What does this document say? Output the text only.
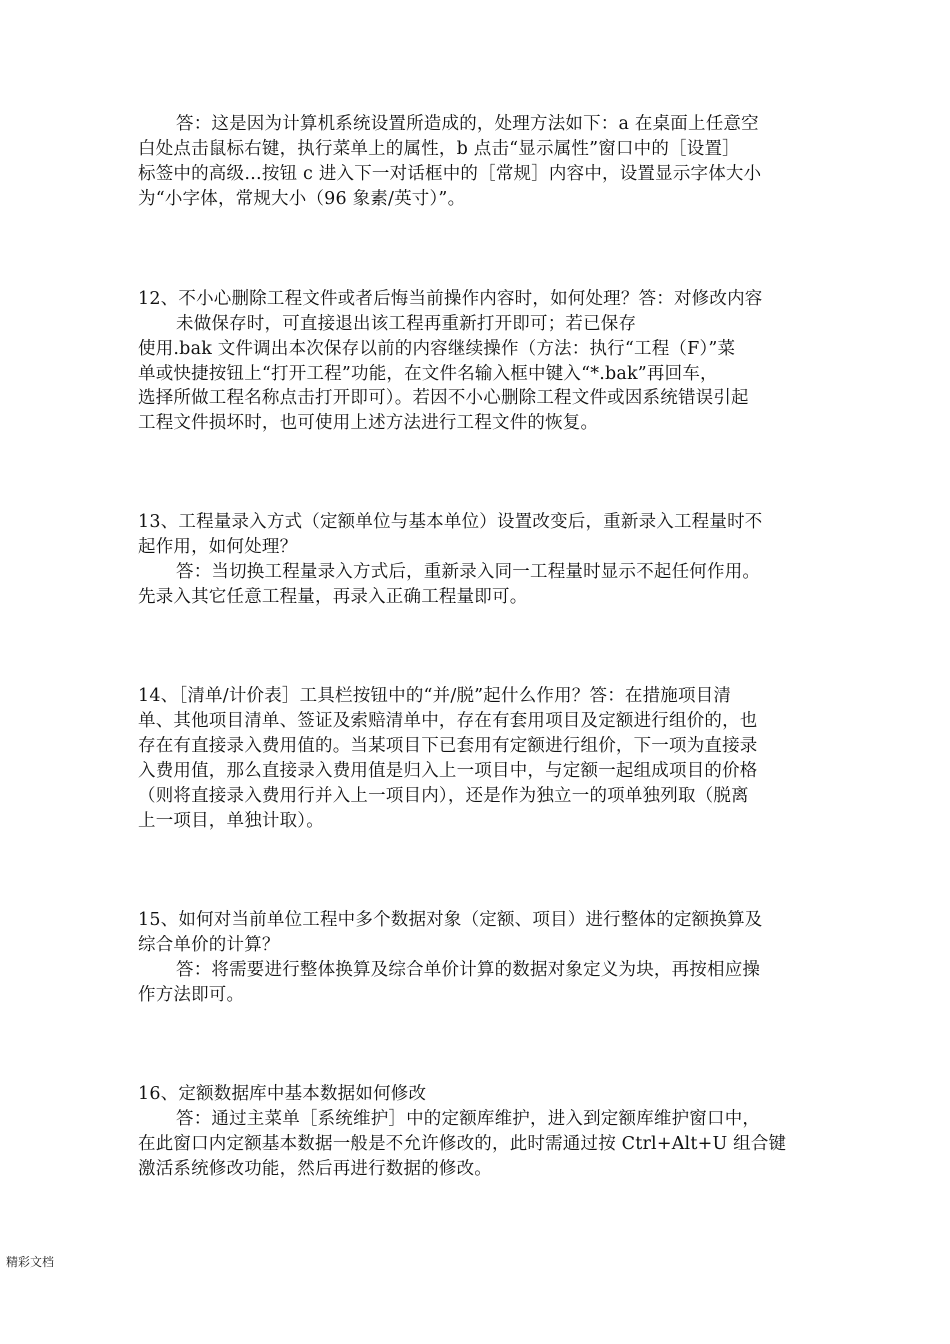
答：这是因为计算机系统设置所造成的，处理方法如下：a 在桌面上任意空
白处点击鼠标右键，执行菜单上的属性，b 点击“显示属性”窗口中的［设置］
标签中的高级…按钮 c 进入下一对话框中的［常规］内容中，设置显示字体大小
为“小字体，常规大小（96 象素/英寸）”。
12、不小心删除工程文件或者后悔当前操作内容时，如何处理？答：对修改内容
未做保存时，可直接退出该工程再重新打开即可；若已保存
使用.bak 文件调出本次保存以前的内容继续操作（方法：执行“工程（F）”菜
单或快捷按钮上“打开工程”功能，在文件名输入框中键入“*.bak”再回车，
选择所做工程名称点击打开即可）。若因不小心删除工程文件或因系统错误引起
工程文件损坏时，也可使用上述方法进行工程文件的恢复。
13、工程量录入方式（定额单位与基本单位）设置改变后，重新录入工程量时不
起作用，如何处理？
答：当切换工程量录入方式后，重新录入同一工程量时显示不起任何作用。
先录入其它任意工程量，再录入正确工程量即可。
14、［清单/计价表］工具栏按钮中的“并/脱”起什么作用？答：在措施项目清
单、其他项目清单、签证及索赔清单中，存在有套用项目及定额进行组价的，也
存在有直接录入费用值的。当某项目下已套用有定额进行组价，下一项为直接录
入费用值，那么直接录入费用值是归入上一项目中，与定额一起组成项目的价格
（则将直接录入费用行并入上一项目内），还是作为独立一的项单独列取（脱离
上一项目，单独计取）。
15、如何对当前单位工程中多个数据对象（定额、项目）进行整体的定额换算及
综合单价的计算？
答：将需要进行整体换算及综合单价计算的数据对象定义为块，再按相应操
作方法即可。
16、定额数据库中基本数据如何修改
答：通过主菜单［系统维护］中的定额库维护，进入到定额库维护窗口中，
在此窗口内定额基本数据一般是不允许修改的，此时需通过按 Ctrl+Alt+U 组合键
激活系统修改功能，然后再进行数据的修改。
精彩文档
